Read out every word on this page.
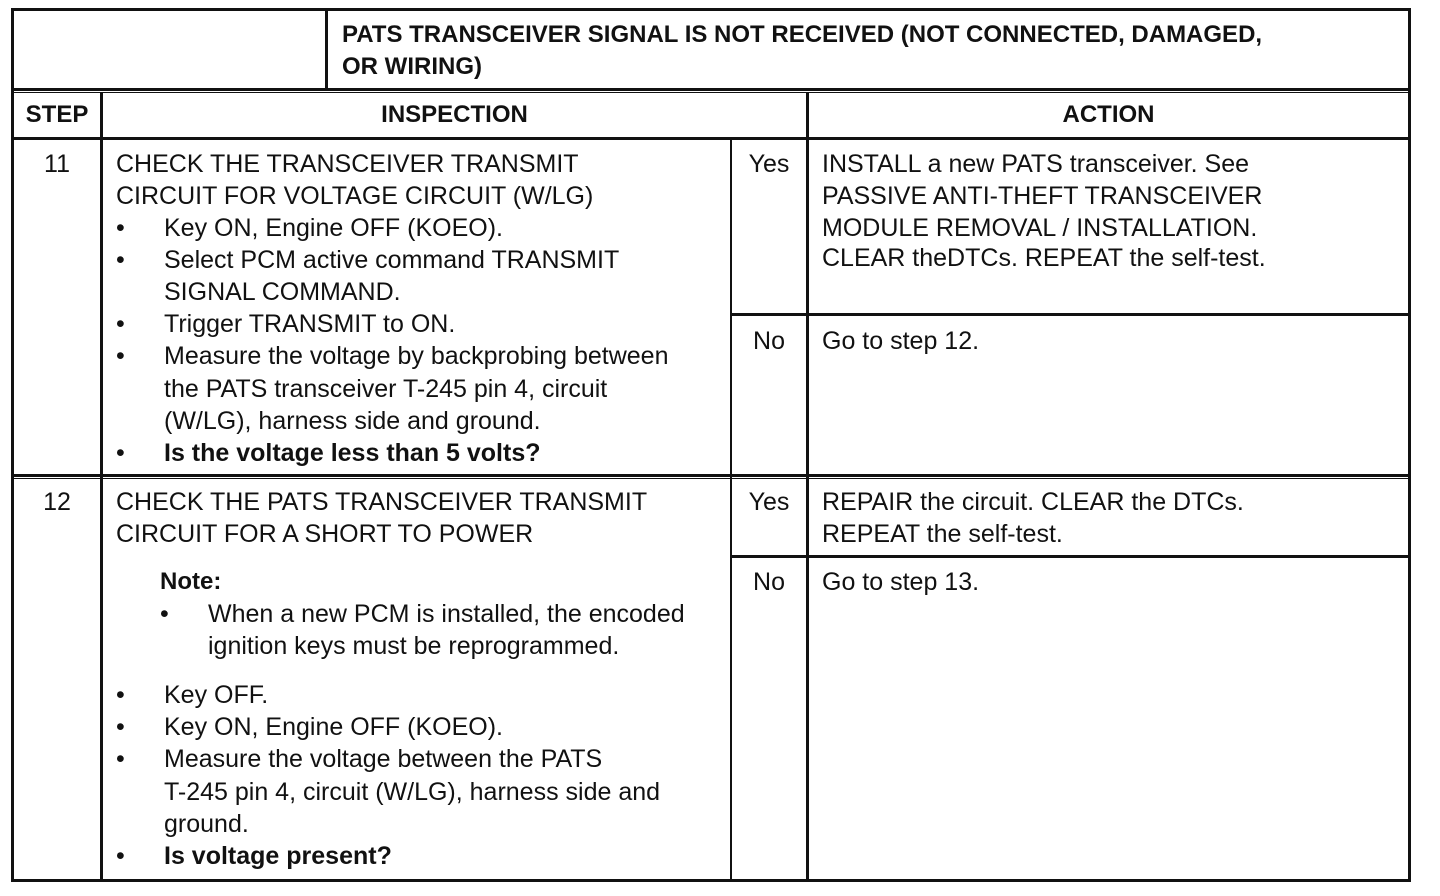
PATS TRANSCEIVER SIGNAL IS NOT RECEIVED (NOT CONNECTED, DAMAGED,
OR WIRING)
STEP	INSPECTION	ACTION
11	CHECK THE TRANSCEIVER TRANSMIT
CIRCUIT FOR VOLTAGE CIRCUIT (W/LG)
• Key ON, Engine OFF (KOEO).
• Select PCM active command TRANSMIT
SIGNAL COMMAND.
• Trigger TRANSMIT to ON.
• Measure the voltage by backprobing between
the PATS transceiver T-245 pin 4, circuit
(W/LG), harness side and ground.
• Is the voltage less than 5 volts?
Yes	INSTALL a new PATS transceiver. See
PASSIVE ANTI-THEFT TRANSCEIVER
MODULE REMOVAL / INSTALLATION.
CLEAR theDTCs. REPEAT the self-test.
No	Go to step 12.
12	CHECK THE PATS TRANSCEIVER TRANSMIT
CIRCUIT FOR A SHORT TO POWER
Note:
• When a new PCM is installed, the encoded
ignition keys must be reprogrammed.
• Key OFF.
• Key ON, Engine OFF (KOEO).
• Measure the voltage between the PATS
T-245 pin 4, circuit (W/LG), harness side and
ground.
• Is voltage present?
Yes	REPAIR the circuit. CLEAR the DTCs.
REPEAT the self-test.
No	Go to step 13.
